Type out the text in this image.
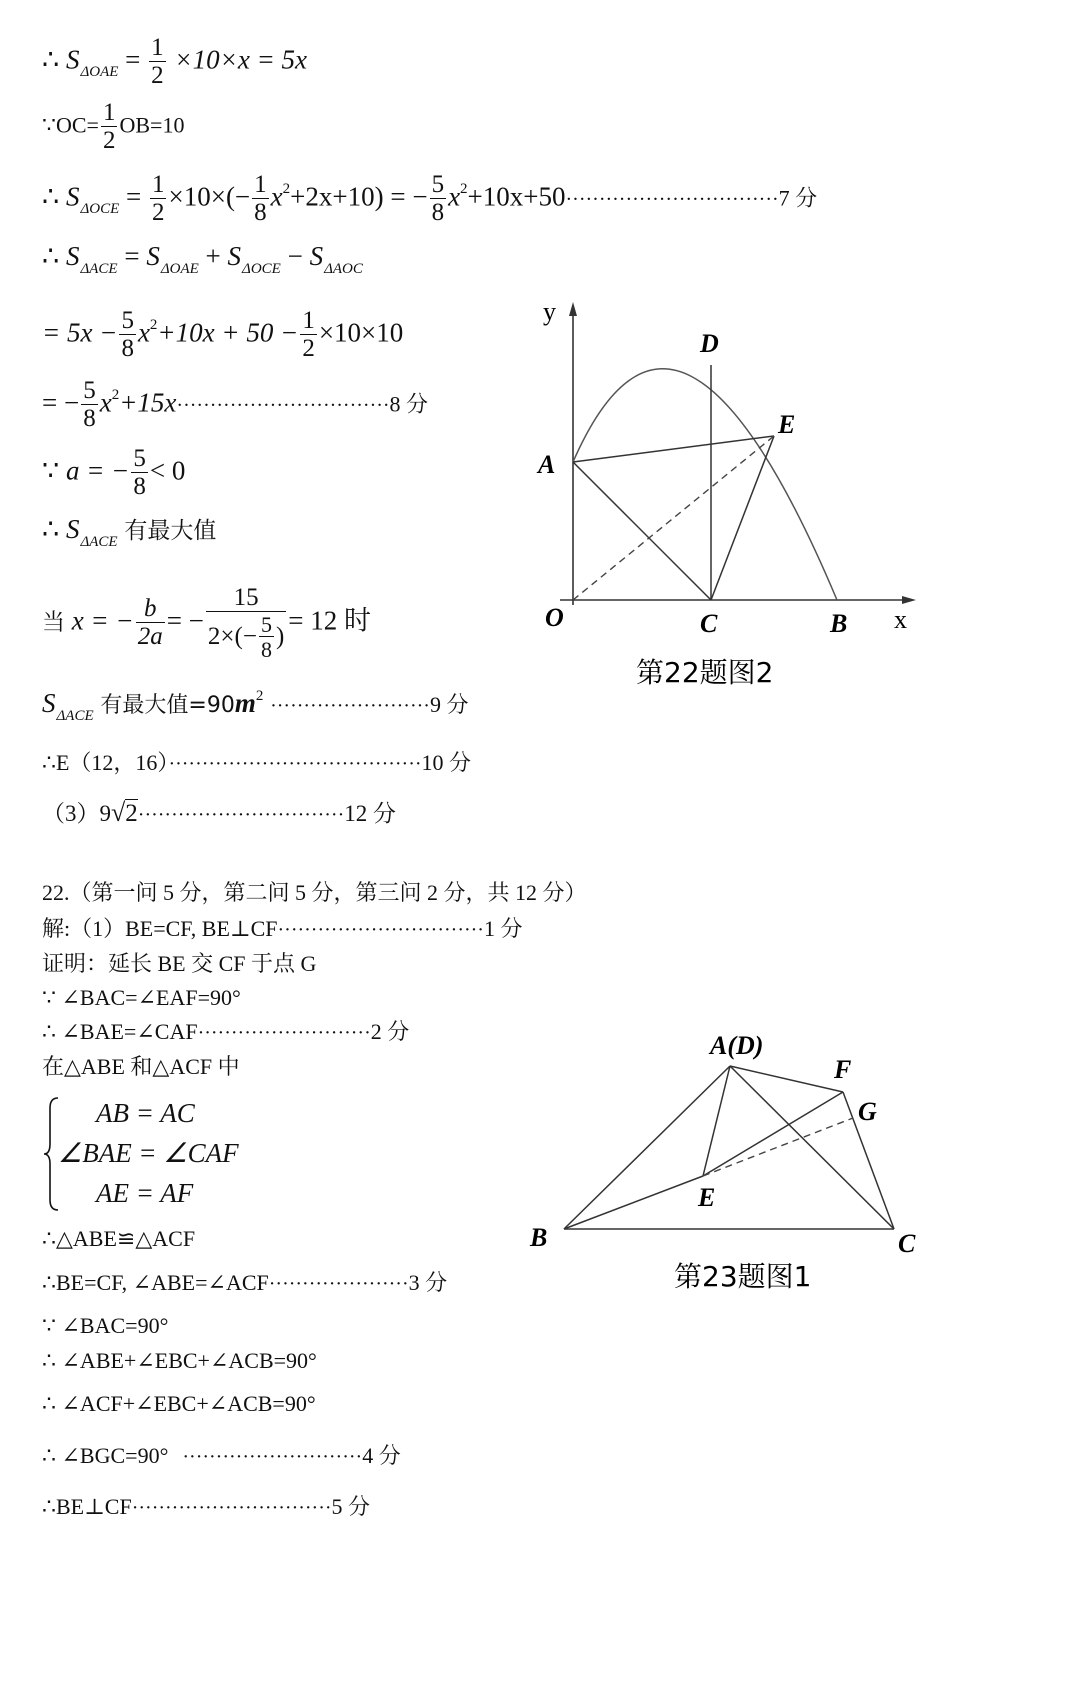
∴ $S_{\Delta OAE} = \frac{1}{2} \times 10\times x = 5x$
∵OC= $\frac{1}{2} OB=10$
∴ $S_{\Delta OCE} = \frac{1}{2} \times 10\times(- \frac{1}{8} x^2+2x+10)$ = − $\frac{5}{8} x^2+10x+50\cdot\cdot\cdot\cdot\cdot\cdot\cdot\cdot\cdot\cdot\cdot\cdot\cdot\cdot\cdot\cdot\cdot\cdot\cdot\cdot\cdot\cdot\cdot\cdot\cdot\cdot\cdot\cdot\cdot\cdot\cdot\cdot 7$ 分
∴ $S_{\Delta ACE} = S_{\Delta OAE} + S_{\Delta OCE} - S_{\Delta AOC}$
= $5x - \frac{5}{8} x^2+10x + 50 - \frac{1}{2} \times 10\times 10$
= − $\frac{5}{8} x^2+15x\cdot\cdot\cdot\cdot\cdot\cdot\cdot\cdot\cdot\cdot\cdot\cdot\cdot\cdot\cdot\cdot\cdot\cdot\cdot\cdot\cdot\cdot\cdot\cdot\cdot\cdot\cdot\cdot\cdot\cdot\cdot\cdot 8$ 分
∵ a = − $\frac{5}{8} < 0$
∴ $S_{\Delta ACE}$ 有最大值
当 x = − $\frac{b}{2a}$ = − $\frac{15}{2\times(- \frac{5}{8} )} = 12$ 时
$S_{\Delta ACE}$ 有最大值$=90m^2 \cdot\cdot\cdot\cdot\cdot\cdot\cdot\cdot\cdot\cdot\cdot\cdot\cdot\cdot\cdot\cdot\cdot\cdot\cdot\cdot\cdot\cdot\cdot\cdot 9$ 分
∴E（12，16）······································10 分
（3）9√2·······························12 分
y
x
D
E
A
O	C	B
第22题图2
22.（第一问 5 分，第二问 5 分，第三问 2 分，共 12 分）
解:（1）BE=CF, BE⊥CF·······························1 分
证明：延长 BE 交 CF 于点 G
∵ ∠BAC=∠EAF=90°
∴ ∠BAE=∠CAF··························2 分
在△ABE 和△ACF 中
AB = AC
∠BAE = ∠CAF
AE = AF
∴△ABE≌△ACF
∴BE=CF, ∠ABE=∠ACF·····················3 分
∵ ∠BAC=90°
∴ ∠ABE+∠EBC+∠ACB=90°
∴ ∠ACF+∠EBC+∠ACB=90°
∴ ∠BGC=90° ···························4 分
∴BE⊥CF······························5 分
A(D)
F
G
E
B	C
第23题图1
